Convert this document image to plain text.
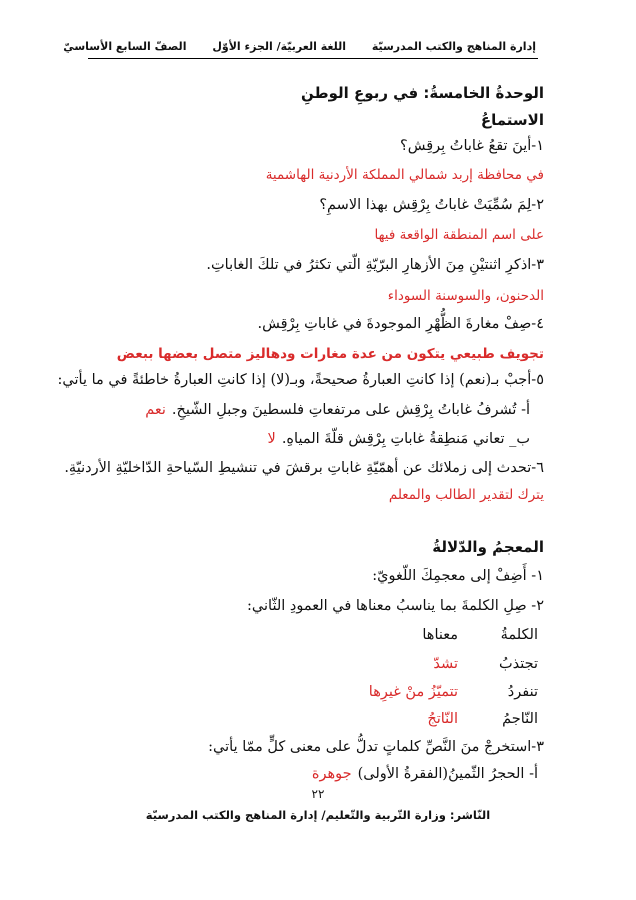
إدارة المناهج والكتب المدرسيّة اللغة العربيّة/ الجزء الأوّل الصفّ السابع الأساسيّ
الوحدةُ الخامسةُ: في ربوعِ الوطنِ
الاستماعُ
١-أينَ تقعُ غاباتُ بِرقِش؟
في محافظة إربد شمالي المملكة الأردنية الهاشمية
٢-لِمَ سُمِّيَتْ غاباتُ بِرْقِش بهذا الاسمِ؟
على اسم المنطقة الواقعة فيها
٣-اذكرِ اثنتيْنِ مِنَ الأزهارِ البرّيّةِ الّتي تكثرُ في تلكَ الغاباتِ.
الدحنون، والسوسنة السوداء
٤-صِفْ مغارةَ الظُّهْرِ الموجودةَ في غاباتِ بِرْقِش.
تجويف طبيعي يتكون من عدة مغارات ودهاليز متصل بعضها ببعض
٥-أجبْ بـ(نعم) إذا كانتِ العبارةُ صحيحةً، وبـ(لا) إذا كانتِ العبارةُ خاطئةً في ما يأتي:
أ- تُشرفُ غاباتُ بِرْقِش على مرتفعاتِ فلسطينَ وجبلِ الشّيخِ.نعم
ب_ تعاني مَنطِقةُ غاباتِ بِرْقِش قلّةَ المياهِ.لا
٦-تحدث إلى زملائك عن أهمّيّةِ غاباتِ برقشَ في تنشيطِ السّياحةِ الدّاخليّةِ الأردنيّةِ.
يترك لتقدير الطالب والمعلم
المعجمُ والدّلالةُ
١- أَضِفْ إلى معجمِكَ اللّغويّ:
٢- صِلِ الكلمةَ بما يناسبُ معناها في العمودِ الثّاني:
الكلمةُ
معناها
تجتذبُ
تشدّ
تنفردُ
تتميّزُ منْ غيرِها
النّاجمُ
النّاتجُ
٣-استخرجْ منَ النَّصِّ كلماتٍ تدلُّ على معنى كلٍّ ممّا يأتي:
أ- الحجرُ الثّمينُ(الفقرةُ الأولى)جوهرة
٢٢
النّاشر: وزارة التّربية والتّعليم/ إدارة المناهج والكتب المدرسيّة
